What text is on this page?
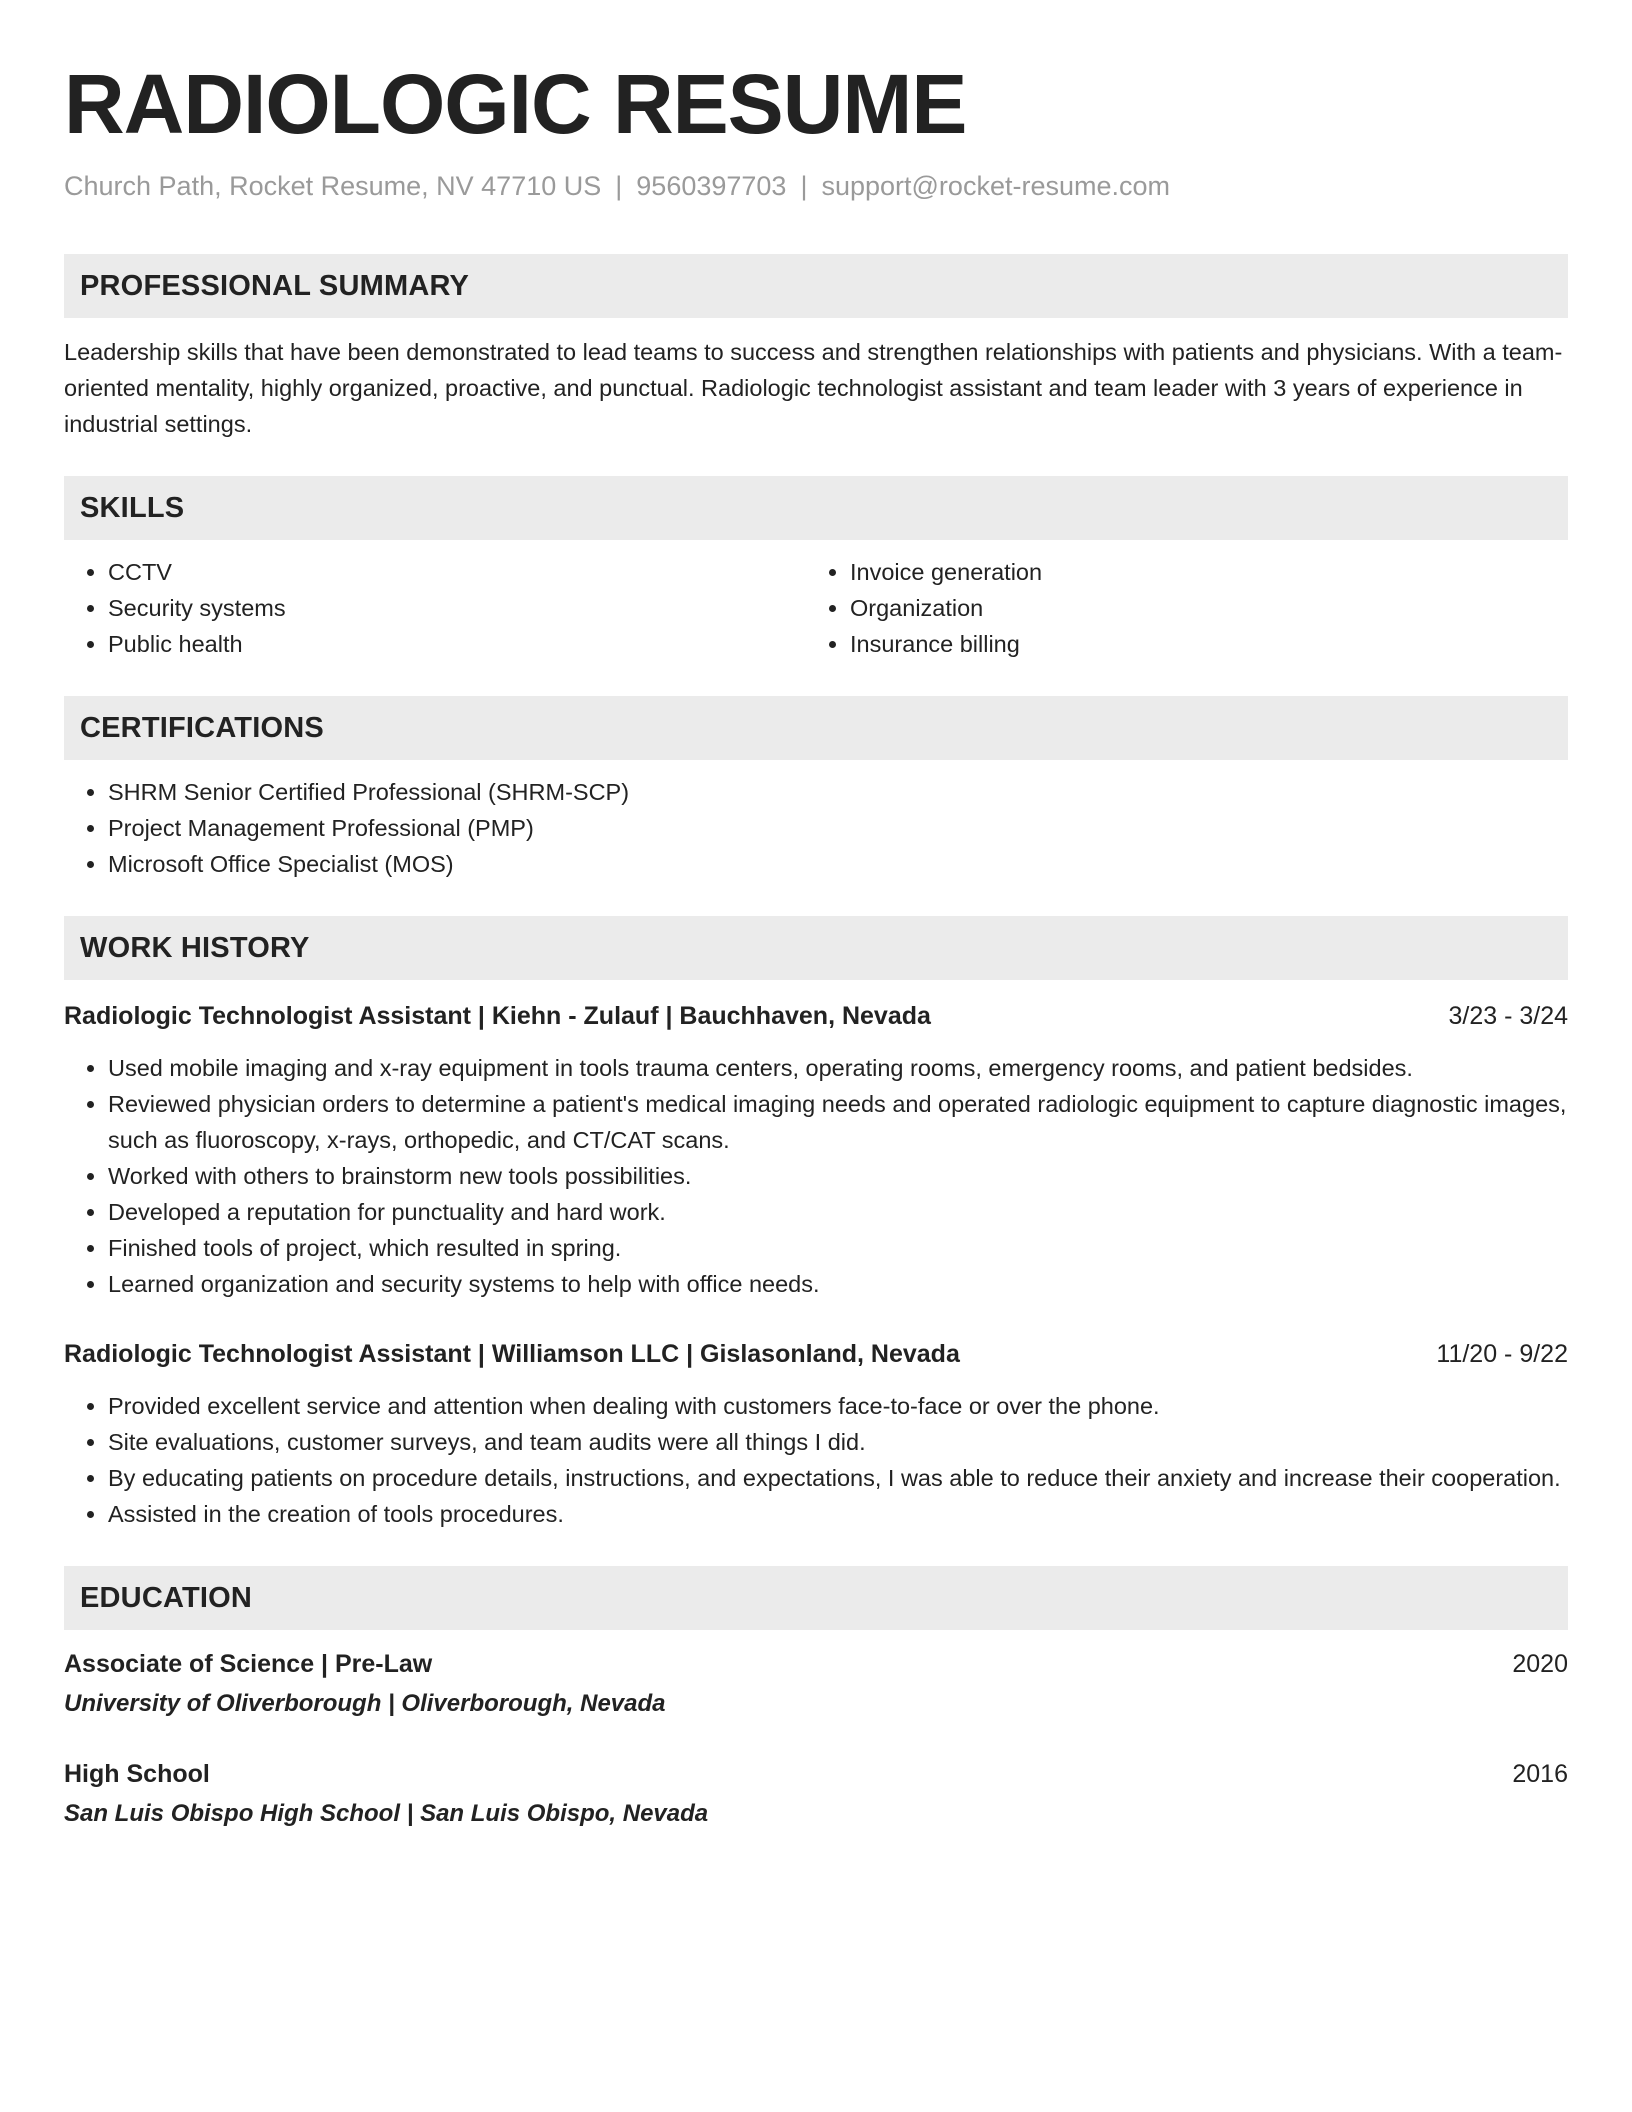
RADIOLOGIC RESUME
Church Path, Rocket Resume, NV 47710 US | 9560397703 | support@rocket-resume.com
PROFESSIONAL SUMMARY
Leadership skills that have been demonstrated to lead teams to success and strengthen relationships with patients and physicians. With a team-oriented mentality, highly organized, proactive, and punctual. Radiologic technologist assistant and team leader with 3 years of experience in industrial settings.
SKILLS
• CCTV
• Security systems
• Public health
• Invoice generation
• Organization
• Insurance billing
CERTIFICATIONS
• SHRM Senior Certified Professional (SHRM-SCP)
• Project Management Professional (PMP)
• Microsoft Office Specialist (MOS)
WORK HISTORY
Radiologic Technologist Assistant | Kiehn - Zulauf | Bauchhaven, Nevada	3/23 - 3/24
• Used mobile imaging and x-ray equipment in tools trauma centers, operating rooms, emergency rooms, and patient bedsides.
• Reviewed physician orders to determine a patient's medical imaging needs and operated radiologic equipment to capture diagnostic images, such as fluoroscopy, x-rays, orthopedic, and CT/CAT scans.
• Worked with others to brainstorm new tools possibilities.
• Developed a reputation for punctuality and hard work.
• Finished tools of project, which resulted in spring.
• Learned organization and security systems to help with office needs.
Radiologic Technologist Assistant | Williamson LLC | Gislasonland, Nevada	11/20 - 9/22
• Provided excellent service and attention when dealing with customers face-to-face or over the phone.
• Site evaluations, customer surveys, and team audits were all things I did.
• By educating patients on procedure details, instructions, and expectations, I was able to reduce their anxiety and increase their cooperation.
• Assisted in the creation of tools procedures.
EDUCATION
Associate of Science | Pre-Law	2020
University of Oliverborough | Oliverborough, Nevada
High School	2016
San Luis Obispo High School | San Luis Obispo, Nevada
